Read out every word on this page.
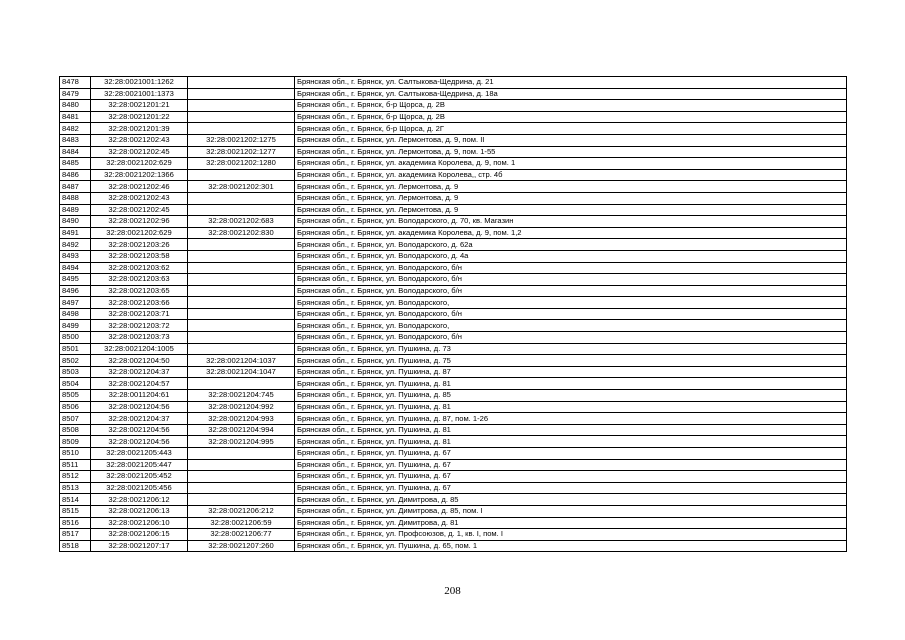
8478	32:28:0021001:1262		Брянская обл., г. Брянск, ул. Салтыкова-Щедрина, д. 21
8479	32:28:0021001:1373		Брянская обл., г. Брянск, ул. Салтыкова-Щедрина, д. 18а
8480	32:28:0021201:21		Брянская обл., г. Брянск, б-р Щорса, д. 2В
8481	32:28:0021201:22		Брянская обл., г. Брянск, б-р Щорса, д. 2В
8482	32:28:0021201:39		Брянская обл., г. Брянск, б-р Щорса, д. 2Г
8483	32:28:0021202:43	32:28:0021202:1275	Брянская обл., г. Брянск, ул. Лермонтова, д. 9, пом. II
8484	32:28:0021202:45	32:28:0021202:1277	Брянская обл., г. Брянск, ул. Лермонтова, д. 9, пом. 1-55
8485	32:28:0021202:629	32:28:0021202:1280	Брянская обл., г. Брянск, ул. академика Королева, д. 9, пом. 1
8486	32:28:0021202:1366		Брянская обл., г. Брянск, ул. академика Королева,, стр. 4б
8487	32:28:0021202:46	32:28:0021202:301	Брянская обл., г. Брянск, ул. Лермонтова, д. 9
8488	32:28:0021202:43		Брянская обл., г. Брянск, ул. Лермонтова, д. 9
8489	32:28:0021202:45		Брянская обл., г. Брянск, ул. Лермонтова, д. 9
8490	32:28:0021202:96	32:28:0021202:683	Брянская обл., г. Брянск, ул. Володарского, д. 70, кв. Магазин
8491	32:28:0021202:629	32:28:0021202:830	Брянская обл., г. Брянск, ул. академика Королева, д. 9, пом. 1,2
8492	32:28:0021203:26		Брянская обл., г. Брянск, ул. Володарского, д. 62а
8493	32:28:0021203:58		Брянская обл., г. Брянск, ул. Володарского, д. 4а
8494	32:28:0021203:62		Брянская обл., г. Брянск, ул. Володарского, б/н
8495	32:28:0021203:63		Брянская обл., г. Брянск, ул. Володарского, б/н
8496	32:28:0021203:65		Брянская обл., г. Брянск, ул. Володарского, б/н
8497	32:28:0021203:66		Брянская обл., г. Брянск, ул. Володарского,
8498	32:28:0021203:71		Брянская обл., г. Брянск, ул. Володарского, б/н
8499	32:28:0021203:72		Брянская обл., г. Брянск, ул. Володарского,
8500	32:28:0021203:73		Брянская обл., г. Брянск, ул. Володарского, б/н
8501	32:28:0021204:1005		Брянская обл., г. Брянск, ул. Пушкина, д. 73
8502	32:28:0021204:50	32:28:0021204:1037	Брянская обл., г. Брянск, ул. Пушкина, д. 75
8503	32:28:0021204:37	32:28:0021204:1047	Брянская обл., г. Брянск, ул. Пушкина, д. 87
8504	32:28:0021204:57		Брянская обл., г. Брянск, ул. Пушкина, д. 81
8505	32:28:0011204:61	32:28:0021204:745	Брянская обл., г. Брянск, ул. Пушкина, д. 85
8506	32:28:0021204:56	32:28:0021204:992	Брянская обл., г. Брянск, ул. Пушкина, д. 81
8507	32:28:0021204:37	32:28:0021204:993	Брянская обл., г. Брянск, ул. Пушкина, д. 87, пом. 1-26
8508	32:28:0021204:56	32:28:0021204:994	Брянская обл., г. Брянск, ул. Пушкина, д. 81
8509	32:28:0021204:56	32:28:0021204:995	Брянская обл., г. Брянск, ул. Пушкина, д. 81
8510	32:28:0021205:443		Брянская обл., г. Брянск, ул. Пушкина, д. 67
8511	32:28:0021205:447		Брянская обл., г. Брянск, ул. Пушкина, д. 67
8512	32:28:0021205:452		Брянская обл., г. Брянск, ул. Пушкина, д. 67
8513	32:28:0021205:456		Брянская обл., г. Брянск, ул. Пушкина, д. 67
8514	32:28:0021206:12		Брянская обл., г. Брянск, ул. Димитрова, д. 85
8515	32:28:0021206:13	32:28:0021206:212	Брянская обл., г. Брянск, ул. Димитрова, д. 85, пом. I
8516	32:28:0021206:10	32:28:0021206:59	Брянская обл., г. Брянск, ул. Димитрова, д. 81
8517	32:28:0021206:15	32:28:0021206:77	Брянская обл., г. Брянск, ул. Профсоюзов, д. 1, кв. I, пом. I
8518	32:28:0021207:17	32:28:0021207:260	Брянская обл., г. Брянск, ул. Пушкина, д. 65, пом. 1
208
